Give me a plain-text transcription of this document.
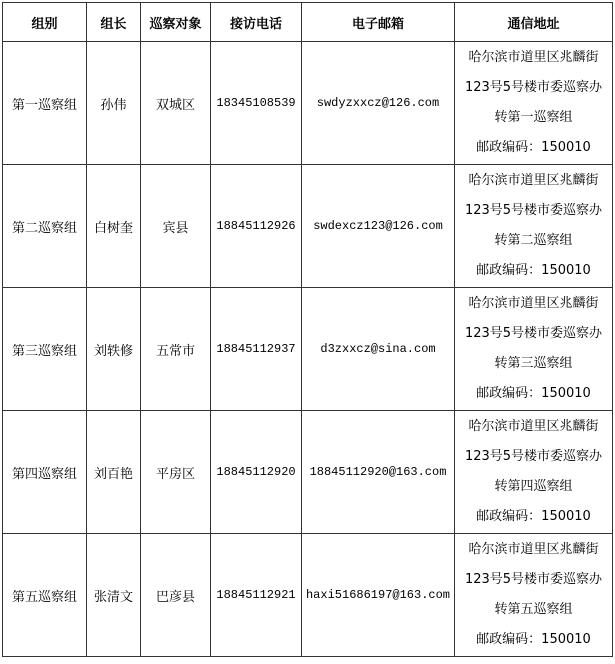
组别	组长	巡察对象	接访电话	电子邮箱	通信地址
第一巡察组	孙伟	双城区	18345108539	swdyzxxcz@126.com	哈尔滨市道里区兆麟街
123号5号楼市委巡察办
转第一巡察组
邮政编码：150010

第二巡察组	白树奎	宾县	18845112926	swdexcz123@126.com	哈尔滨市道里区兆麟街
123号5号楼市委巡察办
转第二巡察组
邮政编码：150010

第三巡察组	刘轶修	五常市	18845112937	d3zxxcz@sina.com	哈尔滨市道里区兆麟街
123号5号楼市委巡察办
转第三巡察组
邮政编码：150010

第四巡察组	刘百艳	平房区	18845112920	18845112920@163.com	哈尔滨市道里区兆麟街
123号5号楼市委巡察办
转第四巡察组
邮政编码：150010

第五巡察组	张清文	巴彦县	18845112921	haxi51686197@163.com	哈尔滨市道里区兆麟街
123号5号楼市委巡察办
转第五巡察组
邮政编码：150010
